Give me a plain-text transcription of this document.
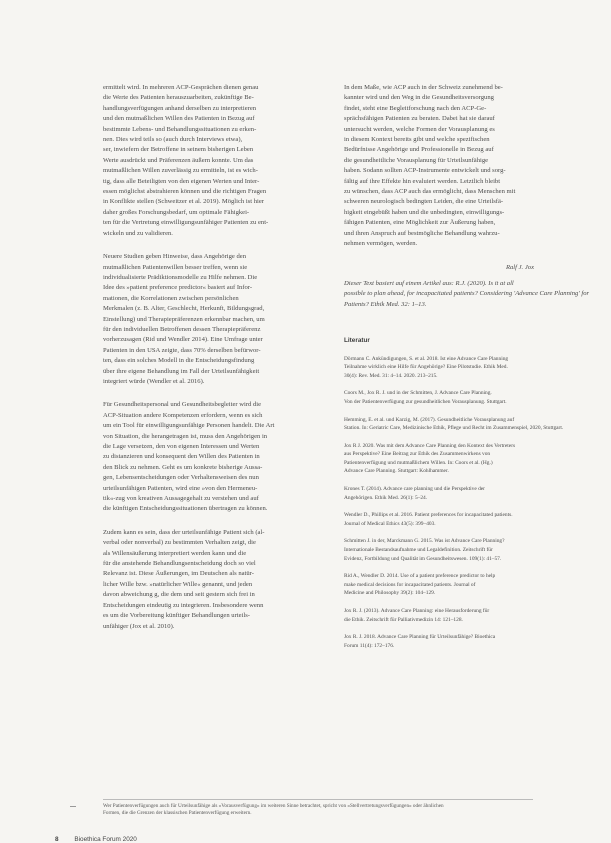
ermittelt wird. In mehreren ACP-Gesprächen dienen genau
die Werte des Patienten herauszuarbeiten, zukünftige Be-
handlungsverfügungen anhand derselben zu interpretieren
und den mutmaßlichen Willen des Patienten in Bezug auf
bestimmte Lebens- und Behandlungssituationen zu erken-
nen. Dies wird teils so (auch durch Interviews etwa),
ser, inwiefern der Betroffene in seinem bisherigen Leben
Werte ausdrückt und Präferenzen äußern konnte. Um das
mutmaßlichen Willen zuverlässig zu ermitteln, ist es wich-
tig, dass alle Beteiligten von den eigenen Werten und Inter-
essen möglichst abstrahieren können und die richtigen Fragen
in Konflikte stellen (Schweitzer et al. 2019). Möglich ist hier
daher großes Forschungsbedarf, um optimale Fähigkei-
ten für die Vertretung einwilligungsunfähiger Patienten zu ent-
wickeln und zu validieren.
Neuere Studien geben Hinweise, dass Angehörige den
mutmaßlichen Patientenwillen besser treffen, wenn sie
individualisierte Prädiktionsmodelle zu Hilfe nehmen. Die
Idee des »patient preference predictor« basiert auf Infor-
mationen, die Korrelationen zwischen persönlichen
Merkmalen (z. B. Alter, Geschlecht, Herkunft, Bildungsgrad,
Einstellung) und Therapiepräferenzen erkennbar machen, um
für den individuellen Betroffenen dessen Therapiepräferenz
vorherzusagen (Rid und Wendler 2014). Eine Umfrage unter
Patienten in den USA zeigte, dass 70% derselben befürwor-
ten, dass ein solches Modell in die Entscheidungsfindung
über ihre eigene Behandlung im Fall der Urteilsunfähigkeit
integriert würde (Wendler et al. 2016).
Für Gesundheitspersonal und Gesundheitsbegleiter wird die
ACP-Situation andere Kompetenzen erfordern, wenn es sich
um ein Tool für einwilligungsunfähige Personen handelt. Die Art
von Situation, die herangetragen ist, muss den Angehörigen in
die Lage versetzen, den von eigenen Interessen und Werten
zu distanzieren und konsequent den Willen des Patienten in
den Blick zu nehmen. Geht es um konkrete bisherige Aussa-
gen, Lebensentscheidungen oder Verhaltensweisen des nun
urteilsunfähigen Patienten, wird eine »von den Hermeneu-
tik«-zug von kreativen Aussagegehalt zu verstehen und auf
die künftigen Entscheidungssituationen übertragen zu können.
Zudem kann es sein, dass der urteilsunfähige Patient sich (al-
verbal oder nonverbal) zu bestimmten Verhalten zeigt, die
als Willensäußerung interpretiert werden kann und die
für die anstehende Behandlungsentscheidung doch so viel
Relevanz ist. Diese Äußerungen, im Deutschen als natür-
licher Wille bzw. »natürlicher Wille« genannt, und jeden
davon abweichung g, die dem und seit gestern sich frei in
Entscheidungen eindeutig zu integrieren. Insbesondere wenn
es um die Vorbereitung künftiger Behandlungen urteils-
unfähiger (Jox et al. 2010).
In dem Maße, wie ACP auch in der Schweiz zunehmend be-
kannter wird und den Weg in die Gesundheitsversorgung
findet, steht eine Begleitforschung nach den ACP-Ge-
sprächsfähigen Patienten zu beraten. Dabei hat sie darauf
untersucht werden, welche Formen der Vorausplanung es
in diesem Kontext bereits gibt und welche spezifischen
Bedürfnisse Angehörige und Professionelle in Bezug auf
die gesundheitliche Vorausplanung für Urteilsunfähige
haben. Sodann sollten ACP-Instrumente entwickelt und sorg-
fältig auf ihre Effekte hin evaluiert werden. Letztlich bleibt
zu wünschen, dass ACP auch das ermöglicht, dass Menschen mit
schweren neurologisch bedingten Leiden, die eine Urteilsfä-
higkeit eingebüßt haben und die unbedingten, einwilligungs-
fähigen Patienten, eine Möglichkeit zur Äußerung haben,
und ihren Anspruch auf bestmögliche Behandlung wahrzu-
nehmen vermögen, werden.
Ralf J. Jox
Dieser Text basiert auf einem Artikel aus: R.J. (2020). Is it at all
possible to plan ahead, for incapacitated patients? Considering 'Advance Care Planning' for
Patients? Ethik Med. 32: 1–13.
Literatur
Dörmann C. Ankündigungen, S. et al. 2018. Ist eine Advance Care Planning
Teilnahme wirklich eine Hilfe für Angehörige? Eine Pilotstudie. Ethik Med.
30(4): Rev. Med. 31: 4–14. 2020. 213–215.
Coors M., Jox R. J. und in der Schmitten, J. Advance Care Planning.
Von der Patientenverfügung zur gesundheitlichen Vorausplanung. Stuttgart.
Hemming, E. et al. und Karzig, M. (2017). Gesundheitliche Vorausplanung auf
Station. In: Geriatric Care, Medizinische Ethik, Pflege und Recht im Zusammenspiel, 2020, Stuttgart.
Jox R J. 2020. Was mit dem Advance Care Planning den Kontext des Vertreters
aus Perspektive? Eine Beitrag zur Ethik des Zusammenwirkens von
Patientenverfügung und mutmaßlichem Willen. In: Coors et al. (Hg.)
Advance Care Planning. Stuttgart: Kohlhammer.
Krones T. (2014). Advance care planning und die Perspektive der
Angehörigen. Ethik Med. 26(1): 5–24.
Wendler D., Phillips et al. 2016. Patient preferences for incapacitated patients.
Journal of Medical Ethics 43(5): 399–403.
Schmitten J. in der, Marckmann G. 2015. Was ist Advance Care Planning?
Internationale Bestandsaufnahme und Legaldefinition. Zeitschrift für
Evidenz, Fortbildung und Qualität im Gesundheitswesen. 109(1): 41–57.
Rid A., Wendler D. 2014. Use of a patient preference predictor to help
make medical decisions for incapacitated patients. Journal of
Medicine and Philosophy 39(2): 104–129.
Jox R. J. (2013). Advance Care Planning: eine Herausforderung für
die Ethik. Zeitschrift für Palliativmedizin 14: 121–128.
Jox R. J. 2018. Advance Care Planning für Urteilsunfähige? Bioethica
Forum 11(4): 172–176.
Wer Patientenverfügungen auch für Urteilsunfähige als »Vorausverfügung« im weiteren Sinne betrachtet, spricht von »Stellvertretungsverfügungen« oder ähnlichen
Formen, die die Grenzen der klassischen Patientenverfügung erweitern.
8 Bioethica Forum 2020
